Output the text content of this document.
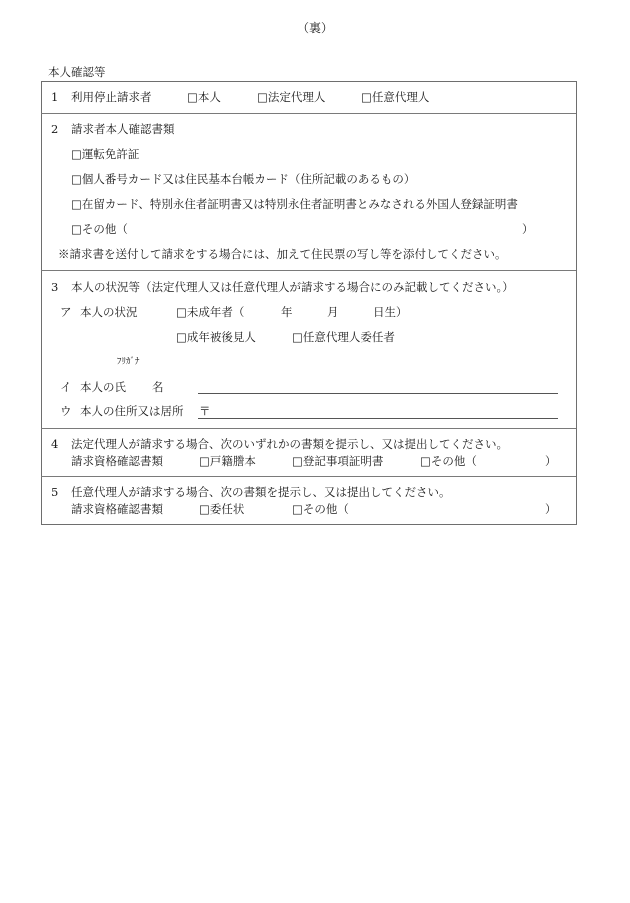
（裏）
本人確認等
1 利用停止請求者	□本人	□法定代理人	□任意代理人
2 請求者本人確認書類
□運転免許証
□個人番号カード又は住民基本台帳カード（住所記載のあるもの）
□在留カード、特別永住者証明書又は特別永住者証明書とみなされる外国人登録証明書
□その他（	）
※請求書を送付して請求をする場合には、加えて住民票の写し等を添付してください。
3 本人の状況等（法定代理人又は任意代理人が請求する場合にのみ記載してください。）
ア 本人の状況	□未成年者（	年	月	日生）
□成年被後見人	□任意代理人委任者
ﾌﾘｶﾞﾅ
イ 本人の氏 名
ウ 本人の住所又は居所 〒
4 法定代理人が請求する場合、次のいずれかの書類を提示し、又は提出してください。
請求資格確認書類	□戸籍謄本	□登記事項証明書	□その他（	）
5 任意代理人が請求する場合、次の書類を提示し、又は提出してください。
請求資格確認書類	□委任状	□その他（	）
